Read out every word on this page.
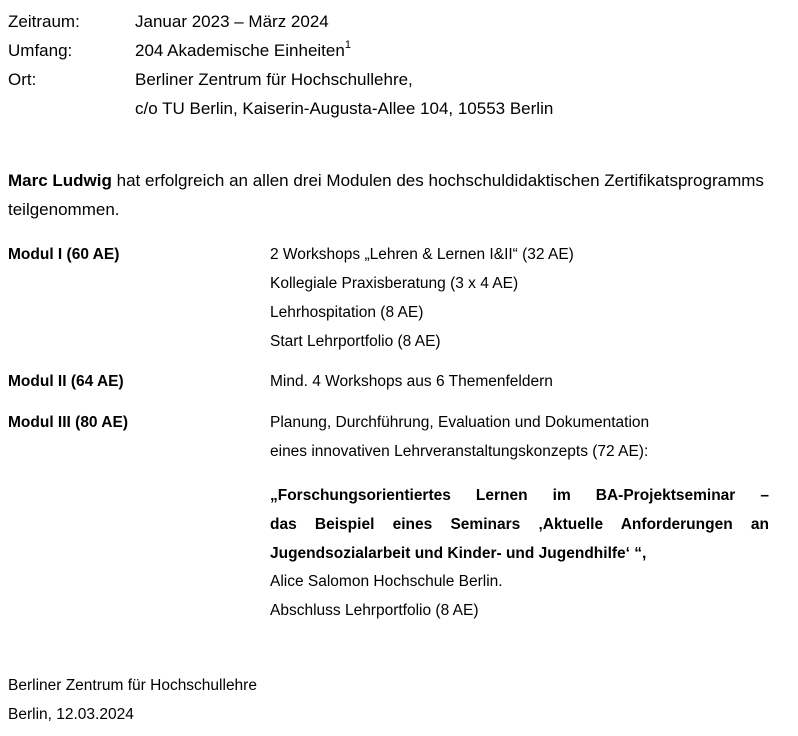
Zeitraum:	Januar 2023 – März 2024
Umfang:	204 Akademische Einheiten$^1$
Ort:	Berliner Zentrum für Hochschullehre,
c/o TU Berlin, Kaiserin-Augusta-Allee 104, 10553 Berlin
Marc Ludwig hat erfolgreich an allen drei Modulen des hochschuldidaktischen Zertifikatsprogramms teilgenommen.
Modul I (60 AE)	2 Workshops „Lehren & Lernen I&II“ (32 AE)
Kollegiale Praxisberatung (3 x 4 AE)
Lehrhospitation (8 AE)
Start Lehrportfolio (8 AE)
Modul II (64 AE)	Mind. 4 Workshops aus 6 Themenfeldern
Modul III (80 AE)	Planung, Durchführung, Evaluation und Dokumentation
eines innovativen Lehrveranstaltungskonzepts (72 AE):
„Forschungsorientiertes Lernen im BA-Projektseminar –
das Beispiel eines Seminars ‚Aktuelle Anforderungen an
Jugendsozialarbeit und Kinder- und Jugendhilfe‘ “,
Alice Salomon Hochschule Berlin.
Abschluss Lehrportfolio (8 AE)
Berliner Zentrum für Hochschullehre
Berlin, 12.03.2024
